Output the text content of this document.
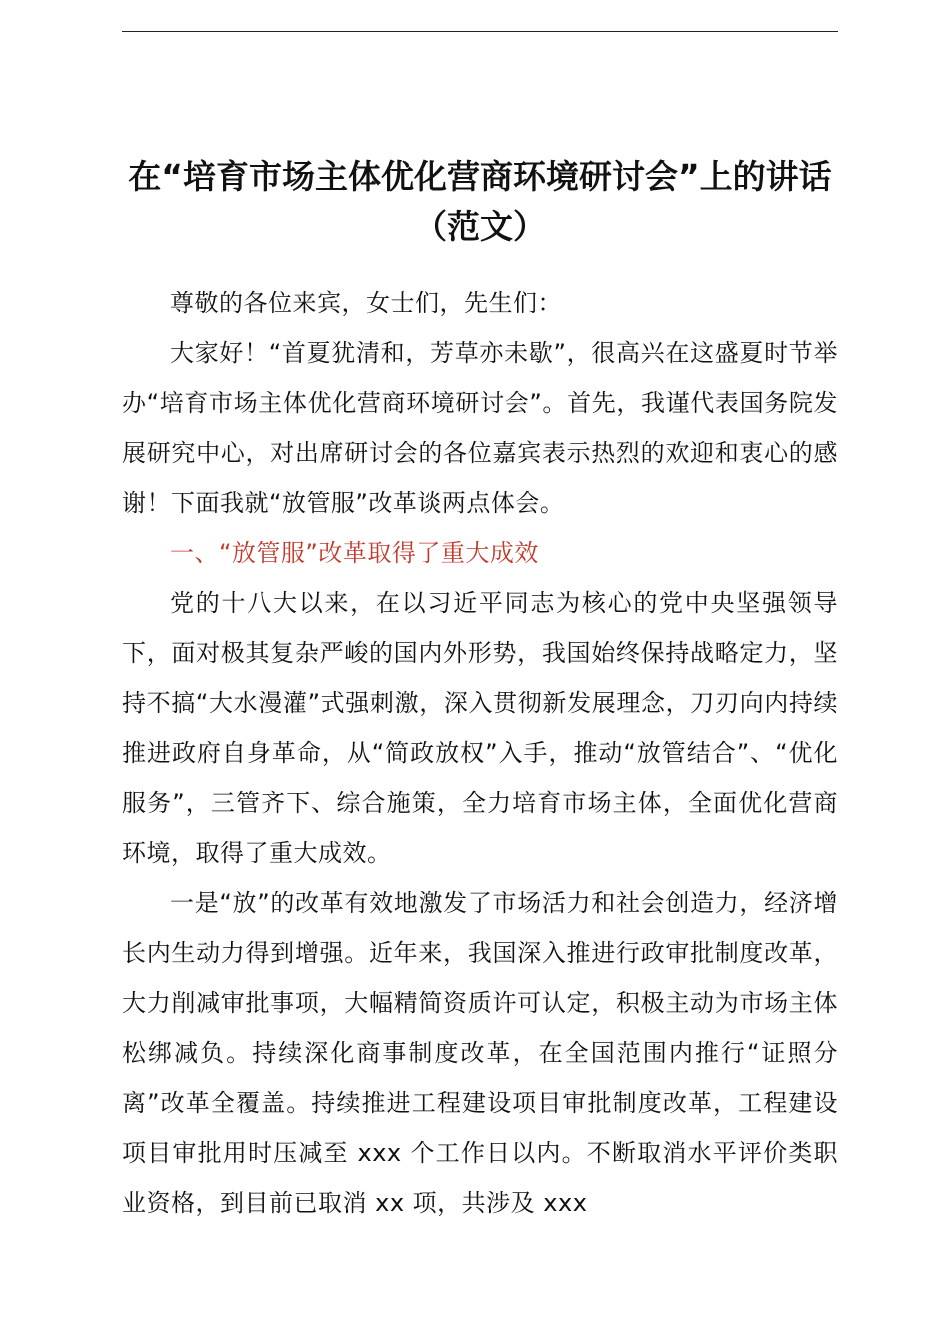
在“培育市场主体优化营商环境研讨会”上的讲话（范文）

尊敬的各位来宾，女士们，先生们：

大家好！“首夏犹清和，芳草亦未歇”，很高兴在这盛夏时节举办“培育市场主体优化营商环境研讨会”。首先，我谨代表国务院发展研究中心，对出席研讨会的各位嘉宾表示热烈的欢迎和衷心的感谢！下面我就“放管服”改革谈两点体会。

一、“放管服”改革取得了重大成效

党的十八大以来，在以习近平同志为核心的党中央坚强领导下，面对极其复杂严峻的国内外形势，我国始终保持战略定力，坚持不搞“大水漫灌”式强刺激，深入贯彻新发展理念，刀刃向内持续推进政府自身革命，从“简政放权”入手，推动“放管结合”、“优化服务”，三管齐下、综合施策，全力培育市场主体，全面优化营商环境，取得了重大成效。

一是“放”的改革有效地激发了市场活力和社会创造力，经济增长内生动力得到增强。近年来，我国深入推进行政审批制度改革，大力削减审批事项，大幅精简资质许可认定，积极主动为市场主体松绑减负。持续深化商事制度改革，在全国范围内推行“证照分离”改革全覆盖。持续推进工程建设项目审批制度改革，工程建设项目审批用时压减至 xxx 个工作日以内。不断取消水平评价类职业资格，到目前已取消 xx 项，共涉及 xxx
